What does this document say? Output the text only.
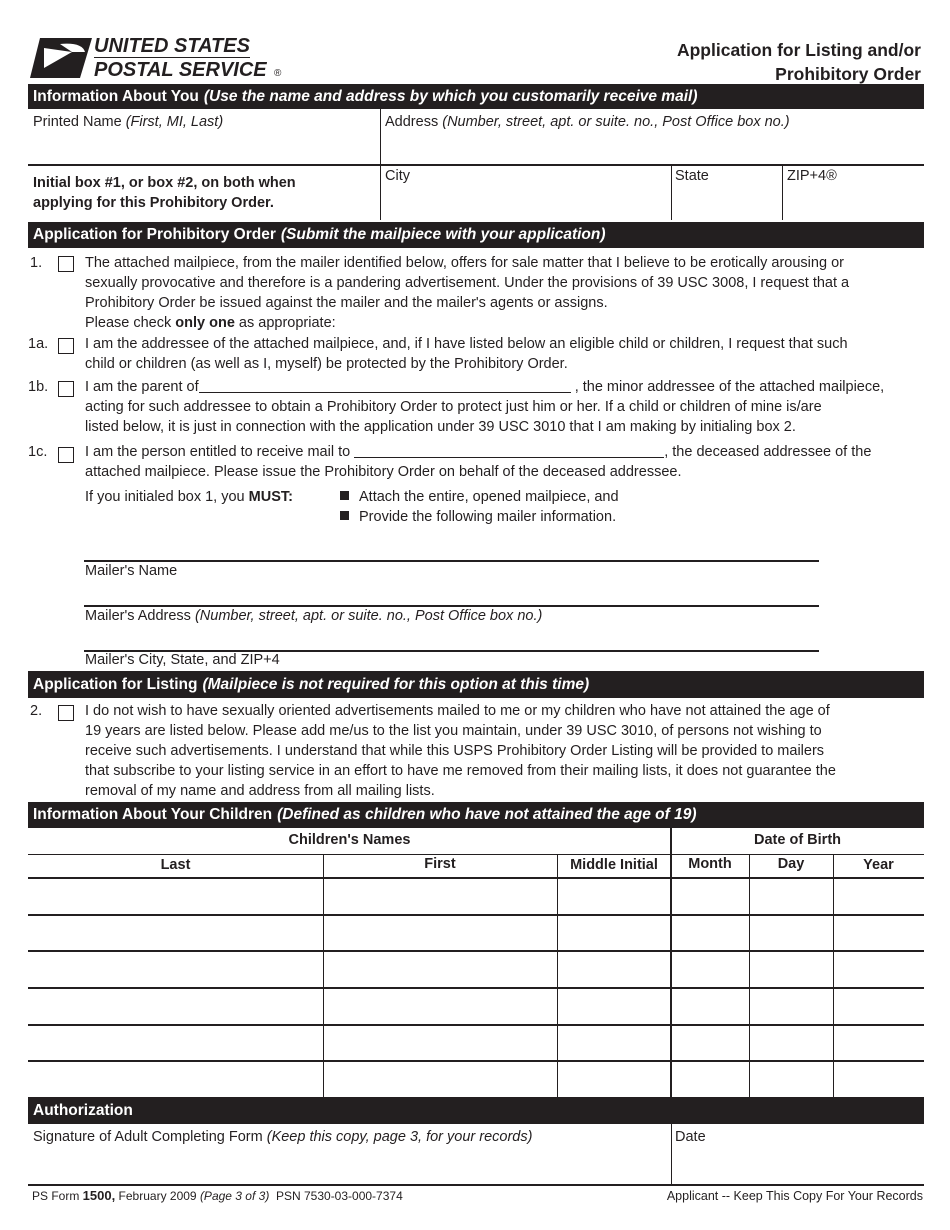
UNITED STATES
POSTAL SERVICE ®
Application for Listing and/or
Prohibitory Order
Information About You (Use the name and address by which you customarily receive mail)
Printed Name (First, MI, Last)	Address (Number, street, apt. or suite. no., Post Office box no.)
Initial box #1, or box #2, on both when
applying for this Prohibitory Order.
City	State	ZIP+4®
Application for Prohibitory Order (Submit the mailpiece with your application)
1.	The attached mailpiece, from the mailer identified below, offers for sale matter that I believe to be erotically arousing or
sexually provocative and therefore is a pandering advertisement. Under the provisions of 39 USC 3008, I request that a
Prohibitory Order be issued against the mailer and the mailer's agents or assigns.
Please check only one as appropriate:
1a.	I am the addressee of the attached mailpiece, and, if I have listed below an eligible child or children, I request that such
child or children (as well as I, myself) be protected by the Prohibitory Order.
1b.	I am the parent of	, the minor addressee of the attached mailpiece,
acting for such addressee to obtain a Prohibitory Order to protect just him or her. If a child or children of mine is/are
listed below, it is just in connection with the application under 39 USC 3010 that I am making by initialing box 2.
1c.	I am the person entitled to receive mail to	, the deceased addressee of the
attached mailpiece. Please issue the Prohibitory Order on behalf of the deceased addressee.
If you initialed box 1, you MUST:	Attach the entire, opened mailpiece, and
Provide the following mailer information.
Mailer's Name
Mailer's Address (Number, street, apt. or suite. no., Post Office box no.)
Mailer's City, State, and ZIP+4
Application for Listing (Mailpiece is not required for this option at this time)
2.	I do not wish to have sexually oriented advertisements mailed to me or my children who have not attained the age of
19 years are listed below. Please add me/us to the list you maintain, under 39 USC 3010, of persons not wishing to
receive such advertisements. I understand that while this USPS Prohibitory Order Listing will be provided to mailers
that subscribe to your listing service in an effort to have me removed from their mailing lists, it does not guarantee the
removal of my name and address from all mailing lists.
Information About Your Children (Defined as children who have not attained the age of 19)
Children's Names	Date of Birth
Last	First	Middle Initial	Month	Day	Year
Authorization
Signature of Adult Completing Form (Keep this copy, page 3, for your records)	Date
PS Form 1500, February 2009 (Page 3 of 3) PSN 7530-03-000-7374	Applicant -- Keep This Copy For Your Records
